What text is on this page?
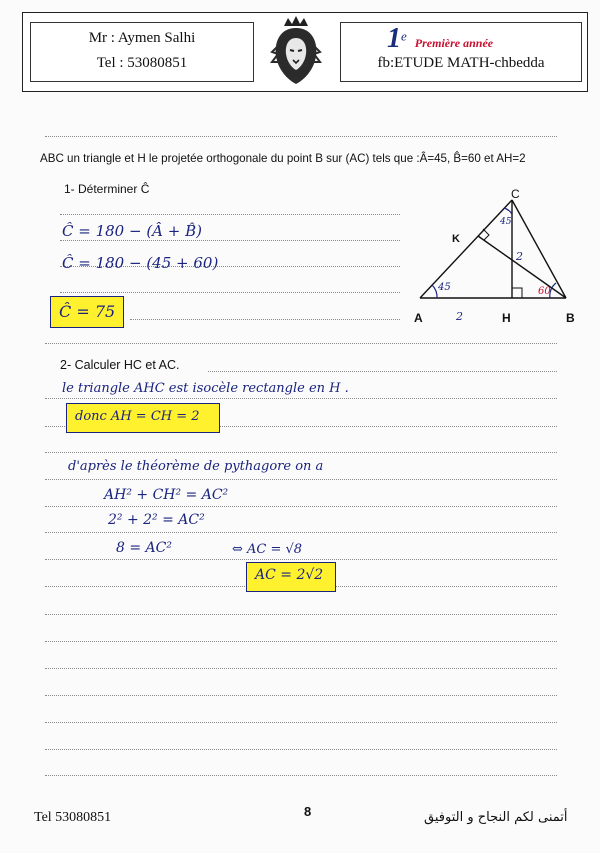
Mr : Aymen Salhi
Tel : 53080851
1e Première année
fb:ETUDE MATH-chbedda
ABC un triangle et H le projetée orthogonale du point B sur (AC) tels que :Â=45, B̂=60 et AH=2
1- Déterminer Ĉ
Ĉ = 180 − (Â + B̂)
Ĉ = 180 − (45 + 60)
Ĉ = 75
C
K
A	H	B
45
45
60
2
2
2- Calculer HC et AC.
le triangle AHC est isocèle rectangle en H .
donc AH = CH = 2
d'après le théorème de pythagore on a
AH² + CH² = AC²
2² + 2² = AC²
8 = AC²	⇔ AC = √8
AC = 2√2
Tel 53080851	8	أتمنى لكم النجاح و التوفيق
